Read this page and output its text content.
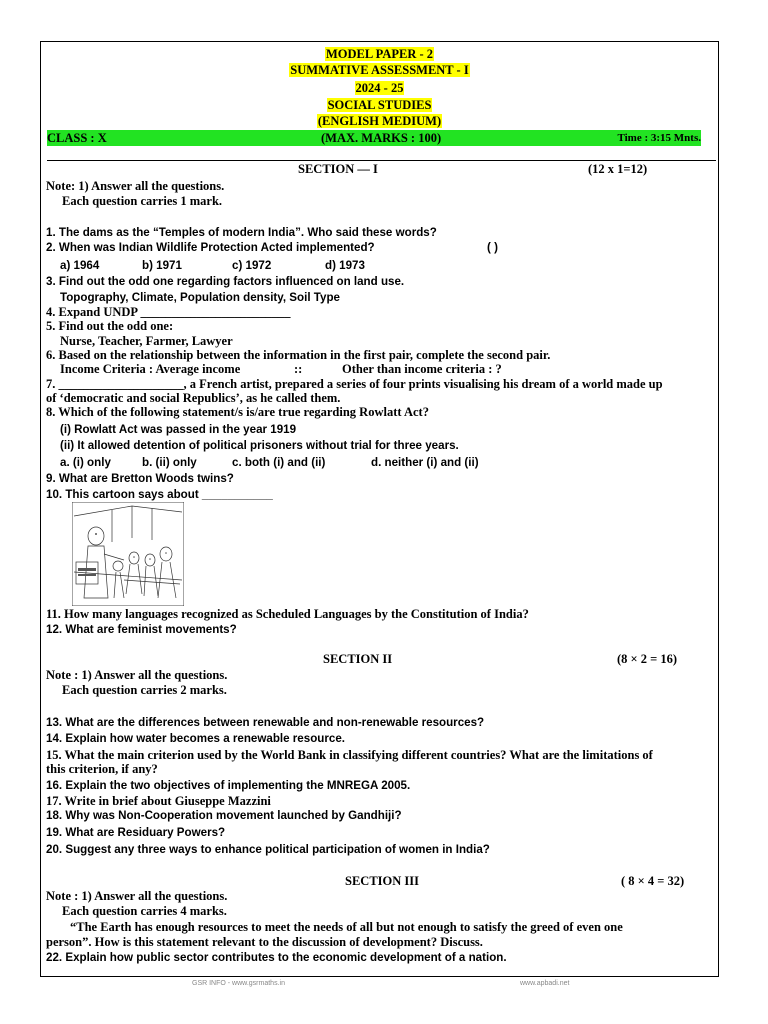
MODEL PAPER - 2
SUMMATIVE ASSESSMENT - I
2024 - 25
SOCIAL STUDIES
(ENGLISH MEDIUM)
CLASS : X	(MAX. MARKS : 100)	Time : 3:15 Mnts.
SECTION — I	(12 x 1=12)
Note: 1) Answer all the questions.
Each question carries 1 mark.
1. The dams as the “Temples of modern India”. Who said these words?
2. When was Indian Wildlife Protection Acted implemented?	( )
a) 1964	b) 1971	c) 1972	d) 1973
3. Find out the odd one regarding factors influenced on land use.
Topography, Climate, Population density, Soil Type
4. Expand UNDP ________________________
5. Find out the odd one:
Nurse, Teacher, Farmer, Lawyer
6. Based on the relationship between the information in the first pair, complete the second pair.
Income Criteria : Average income	::	Other than income criteria : ?
7. ____________________, a French artist, prepared a series of four prints visualising his dream of a world made up
of ‘democratic and social Republics’, as he called them.
8. Which of the following statement/s is/are true regarding Rowlatt Act?
(i) Rowlatt Act was passed in the year 1919
(ii) It allowed detention of political prisoners without trial for three years.
a. (i) only	b. (ii) only	c. both (i) and (ii)	d. neither (i) and (ii)
9. What are Bretton Woods twins?
10. This cartoon says about ___________
11. How many languages recognized as Scheduled Languages by the Constitution of India?
12. What are feminist movements?
SECTION II	(8 × 2 = 16)
Note : 1) Answer all the questions.
Each question carries 2 marks.
13. What are the differences between renewable and non-renewable resources?
14. Explain how water becomes a renewable resource.
15. What the main criterion used by the World Bank in classifying different countries? What are the limitations of
this criterion, if any?
16. Explain the two objectives of implementing the MNREGA 2005.
17. Write in brief about Giuseppe Mazzini
18. Why was Non-Cooperation movement launched by Gandhiji?
19. What are Residuary Powers?
20. Suggest any three ways to enhance political participation of women in India?
SECTION III	( 8 × 4 = 32)
Note : 1) Answer all the questions.
Each question carries 4 marks.
“The Earth has enough resources to meet the needs of all but not enough to satisfy the greed of even one
person”. How is this statement relevant to the discussion of development? Discuss.
22. Explain how public sector contributes to the economic development of a nation.
GSR INFO - www.gsrmaths.in	www.apbadi.net
